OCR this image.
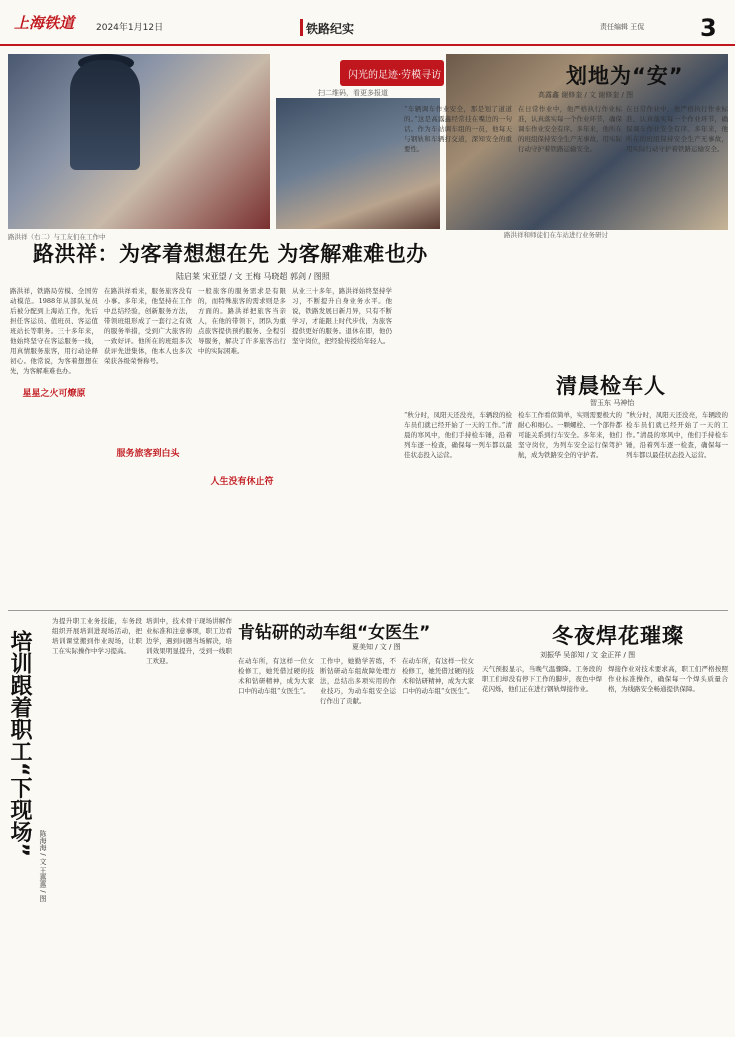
上海铁道 2024年1月12日	铁路纪实	责任编辑 王侃 3
闪光的足迹·劳模寻访
扫二维码，看更多报道
路洪祥（右二）与工友们在工作中	路洪祥和师徒们在车站进行业务研讨
路洪祥：为客着想想在先 为客解难难也办
陆启莱 宋亚望 / 文 王梅 马晓超 郭剑 / 图照
路洪祥，铁路局劳模、全国劳动模范。1988年从部队复员后被分配到上海站工作，先后担任客运员、值班员、客运值班站长等职务。三十多年来，他始终坚守在客运服务一线，用真情服务旅客，用行动诠释初心。他常说，为客着想想在先，为客解难难也办。
星星之火可燎原
在路洪祥看来，服务旅客没有小事。多年来，他坚持在工作中总结经验，创新服务方法，带领班组形成了一套行之有效的服务举措，受到广大旅客的一致好评。他所在的班组多次获评先进集体，他本人也多次荣获各级荣誉称号。
服务旅客到白头
一般旅客的服务需求是有限的，而特殊旅客的需求则是多方面的。路洪祥把旅客当亲人，在他的带领下，团队为重点旅客提供预约服务、全程引导服务，解决了许多旅客出行中的实际困难。
人生没有休止符
从业三十多年，路洪祥始终坚持学习，不断提升自身业务水平。他说，铁路发展日新月异，只有不断学习，才能跟上时代步伐，为旅客提供更好的服务。退休在即，他仍坚守岗位，把经验传授给年轻人。
划地为“安”
高露鑫 谢修奎 / 文 谢修奎 / 图
“车辆调车作业安全，那是划了道道的。”这是高露鑫经常挂在嘴边的一句话。作为车站调车组的一员，他每天与钢轨和车辆打交道，深知安全的重要性。
在日常作业中，他严格执行作业标准，认真落实每一个作业环节，确保调车作业安全有序。多年来，他所在的班组保持安全生产无事故，用实际行动守护着铁路运输安全。
在日常作业中，他严格执行作业标准，认真落实每一个作业环节，确保调车作业安全有序。多年来，他所在的班组保持安全生产无事故，用实际行动守护着铁路运输安全。
清晨检车人
智玉东 马神怡
“秋分时，凤阳天还没亮，车辆段的检车员们就已经开始了一天的工作。”清晨的寒风中，他们手持检车锤，沿着列车逐一检查，确保每一列车都以最佳状态投入运营。
检车工作看似简单，实则需要极大的耐心和细心。一颗螺栓、一个部件都可能关系到行车安全。多年来，他们坚守岗位，为列车安全运行保驾护航，成为铁路安全的守护者。
“秋分时，凤阳天还没亮，车辆段的检车员们就已经开始了一天的工作。”清晨的寒风中，他们手持检车锤，沿着列车逐一检查，确保每一列车都以最佳状态投入运营。
培训跟着职工“下现场”
陈海海 / 文 王惠惠 / 图
为提升职工业务技能，车务段组织开展培训进现场活动，把培训课堂搬到作业现场，让职工在实际操作中学习提高。
培训中，技术骨干现场讲解作业标准和注意事项，职工边看边学，遇到问题当场解决，培训效果明显提升，受到一线职工欢迎。
肯钻研的动车组“女医生”
夏美知 / 文 / 图
在动车所，有这样一位女检修工，她凭借过硬的技术和钻研精神，成为大家口中的动车组“女医生”。
工作中，她勤学苦练，不断钻研动车组故障处理方法，总结出多项实用的作业技巧，为动车组安全运行作出了贡献。
在动车所，有这样一位女检修工，她凭借过硬的技术和钻研精神，成为大家口中的动车组“女医生”。
冬夜焊花璀璨
刘振华 吴部知 / 文 金正祥 / 图
天气预报显示，当晚气温骤降。工务段的职工们却没有停下工作的脚步，夜色中焊花闪烁，他们正在进行钢轨焊接作业。
焊接作业对技术要求高，职工们严格按照作业标准操作，确保每一个焊头质量合格，为线路安全畅通提供保障。
